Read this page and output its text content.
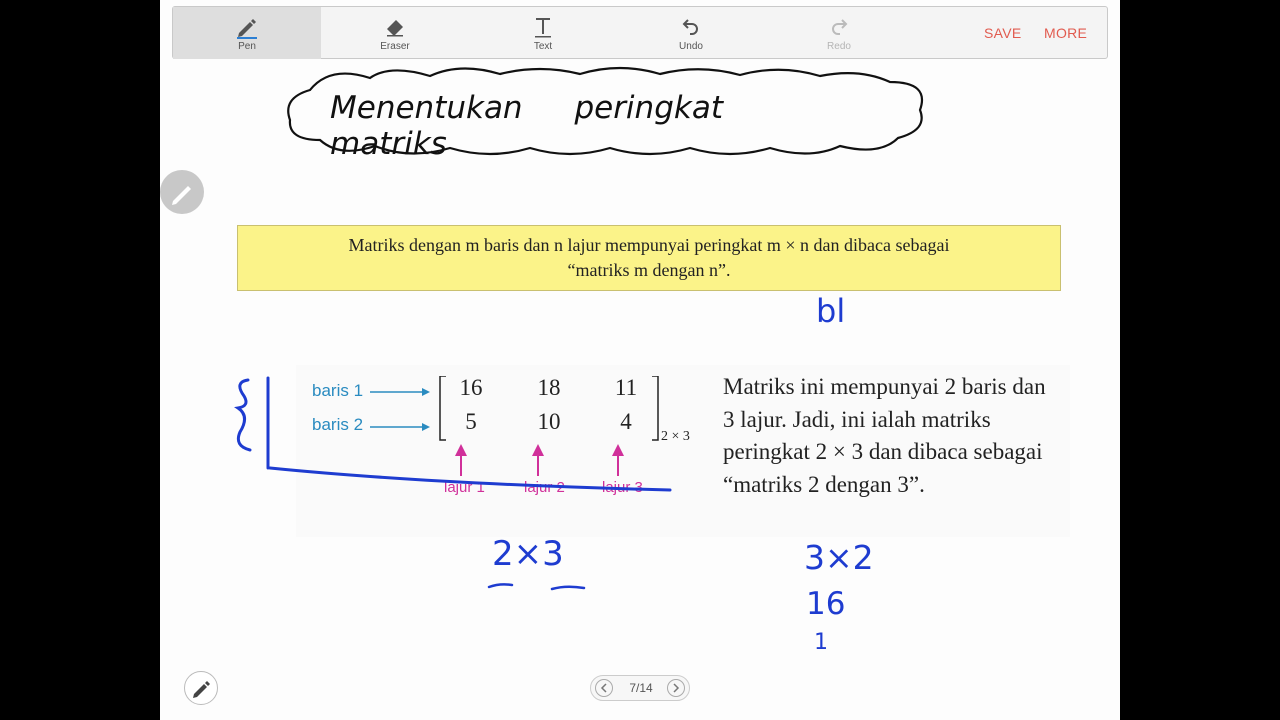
Pen	Eraser	Text	Undo	Redo
SAVE MORE
Menentukan peringkat matriks
Matriks dengan m baris dan n lajur mempunyai peringkat m × n dan dibaca sebagai
“matriks m dengan n”.
bl
baris 1
baris 2
16	18	11
5	10	4
2 × 3
lajur 1	lajur 2 lajur 3
Matriks ini mempunyai 2 baris dan 3 lajur. Jadi, ini ialah matriks peringkat 2 × 3 dan dibaca sebagai “matriks 2 dengan 3”.
2×3	3×2
16
1
7/14
